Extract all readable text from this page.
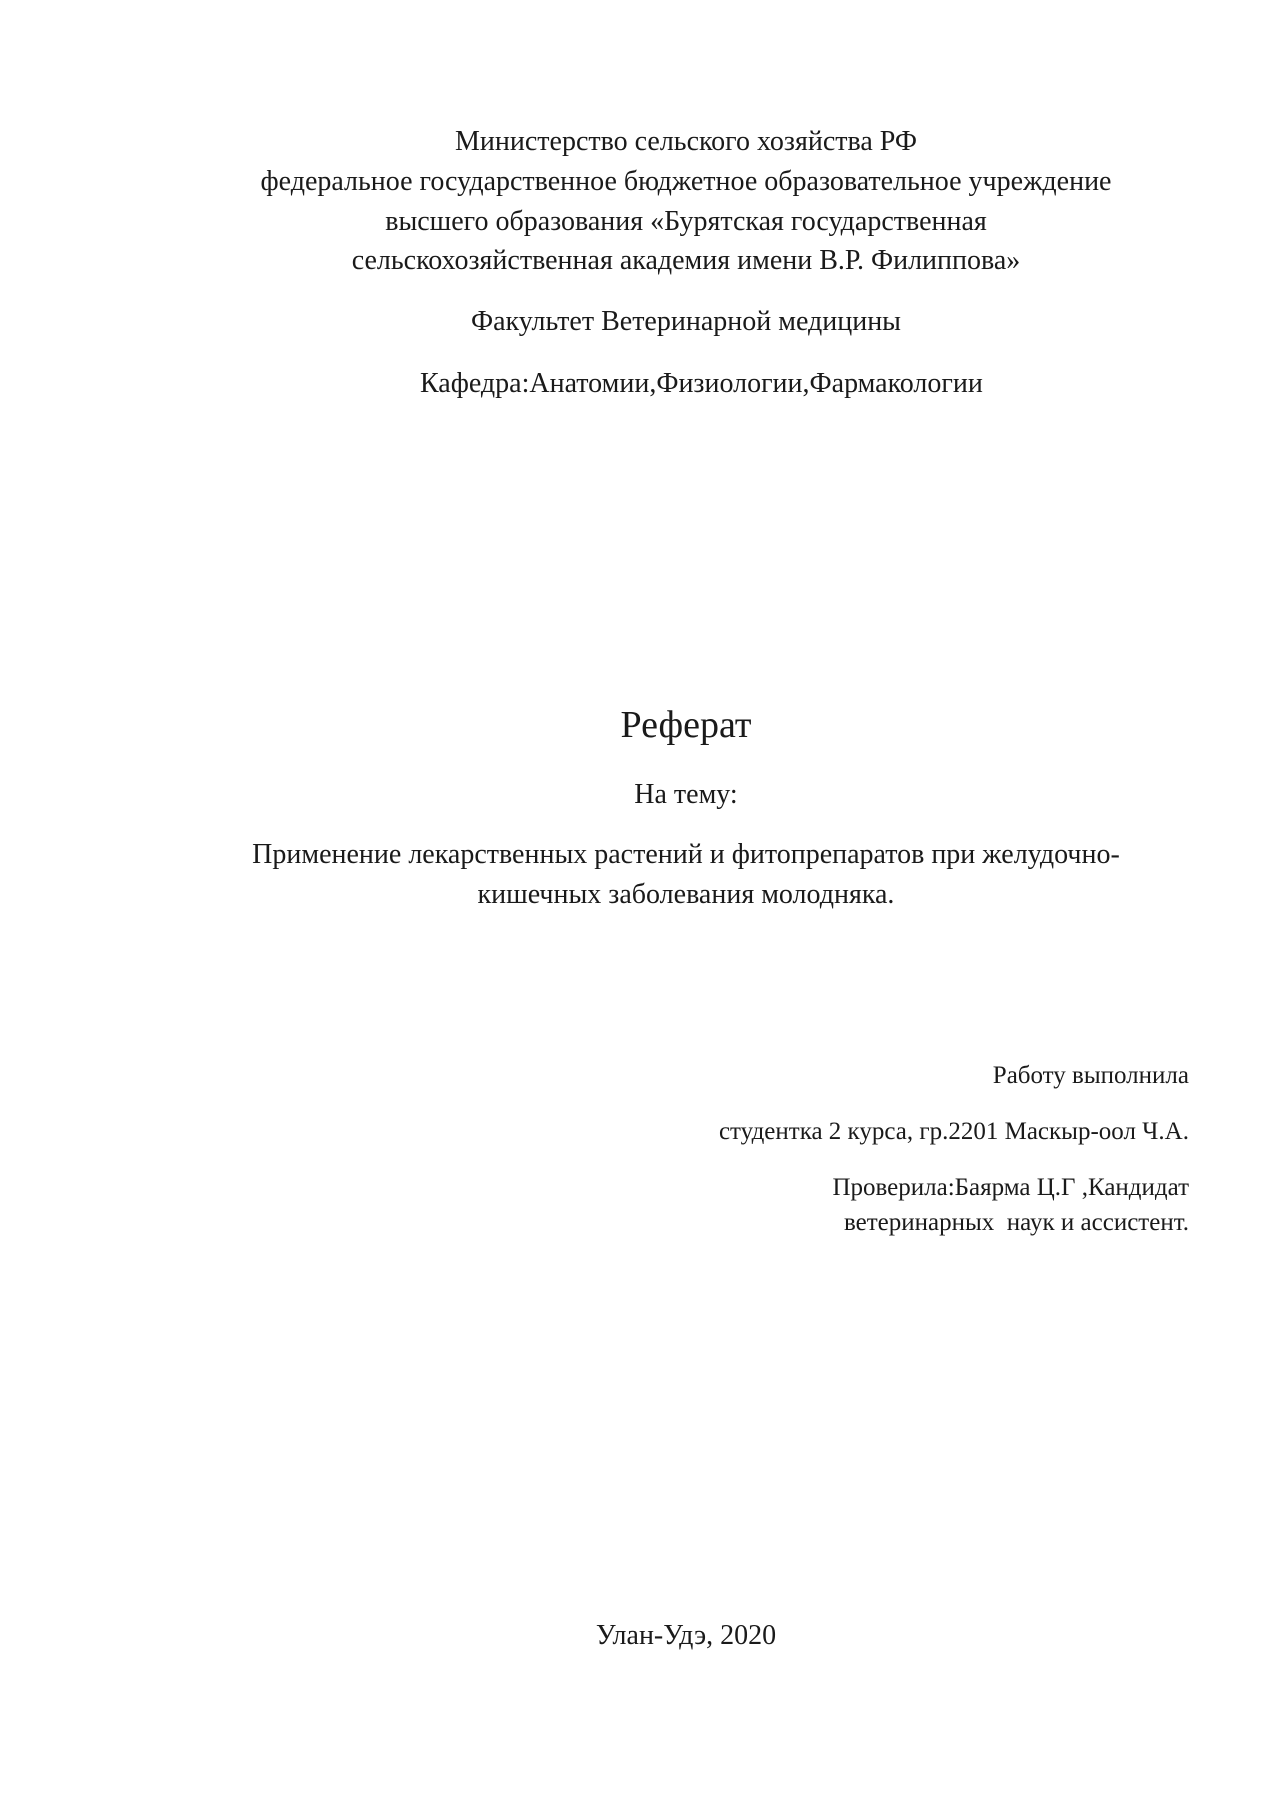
Министерство сельского хозяйства РФ
федеральное государственное бюджетное образовательное учреждение
высшего образования «Бурятская государственная
сельскохозяйственная академия имени В.Р. Филиппова»
Факультет Ветеринарной медицины
Кафедра:Анатомии,Физиологии,Фармакологии
Реферат
На тему:
Применение лекарственных растений и фитопрепаратов при желудочно-
кишечных заболевания молодняка.
Работу выполнила
студентка 2 курса, гр.2201 Маскыр-оол Ч.А.
Проверила:Баярма Ц.Г ,Кандидат
ветеринарных  наук и ассистент.
Улан-Удэ, 2020
